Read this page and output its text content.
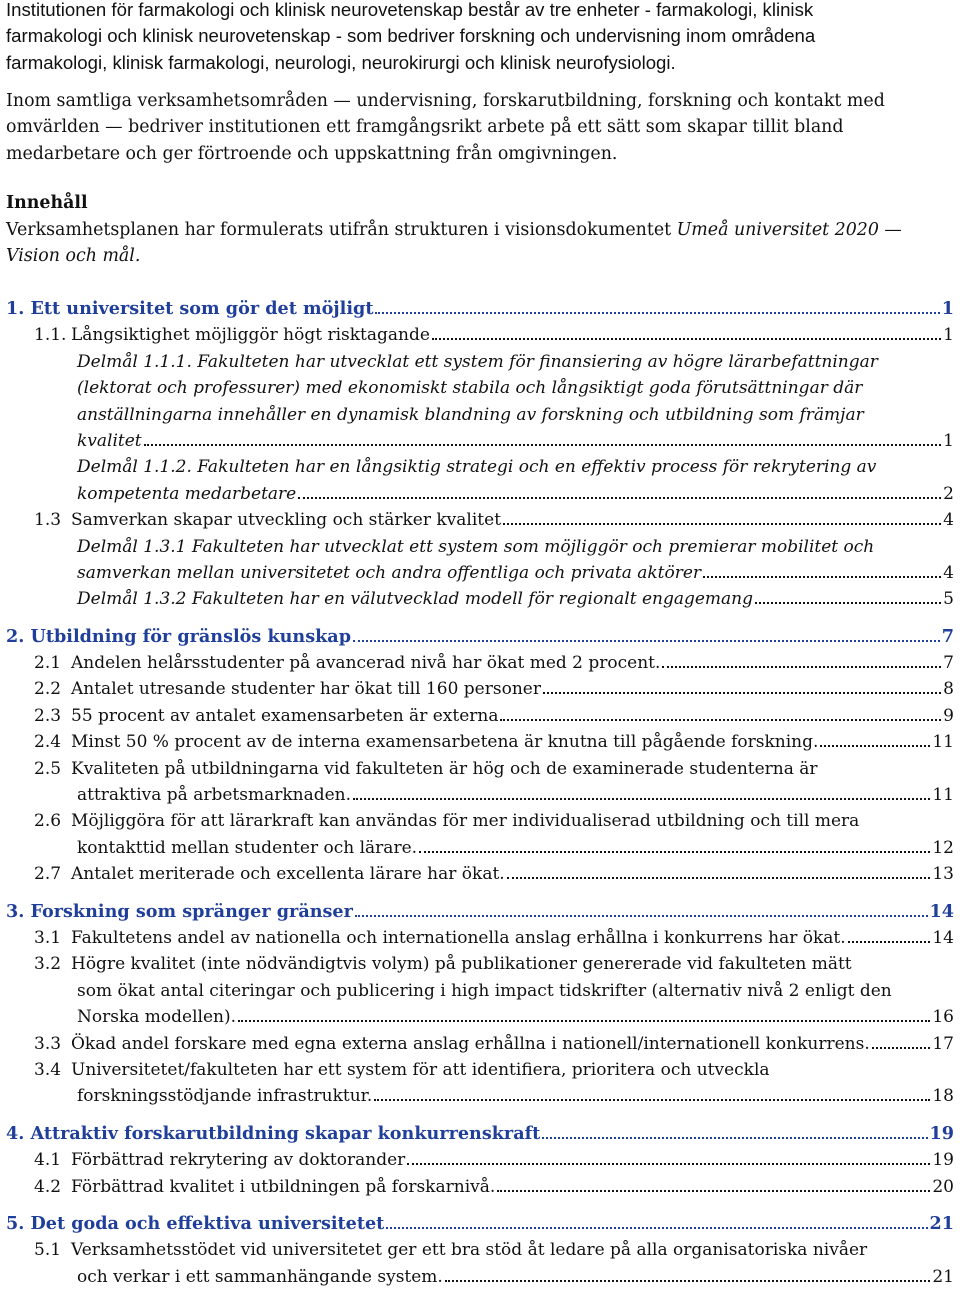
Institutionen för farmakologi och klinisk neurovetenskap består av tre enheter - farmakologi, klinisk
farmakologi och klinisk neurovetenskap - som bedriver forskning och undervisning inom områdena
farmakologi, klinisk farmakologi, neurologi, neurokirurgi och klinisk neurofysiologi.
Inom samtliga verksamhetsområden — undervisning, forskarutbildning, forskning och kontakt med
omvärlden — bedriver institutionen ett framgångsrikt arbete på ett sätt som skapar tillit bland
medarbetare och ger förtroende och uppskattning från omgivningen.
Innehåll
Verksamhetsplanen har formulerats utifrån strukturen i visionsdokumentet Umeå universitet 2020 —
Vision och mål.
1. Ett universitet som gör det möjligt	1
1.1. Långsiktighet möjliggör högt risktagande	1
Delmål 1.1.1. Fakulteten har utvecklat ett system för finansiering av högre lärarbefattningar
(lektorat och professurer) med ekonomiskt stabila och långsiktigt goda förutsättningar där
anställningarna innehåller en dynamisk blandning av forskning och utbildning som främjar
kvalitet	1
Delmål 1.1.2. Fakulteten har en långsiktig strategi och en effektiv process för rekrytering av
kompetenta medarbetare	2
1.3 Samverkan skapar utveckling och stärker kvalitet	4
Delmål 1.3.1 Fakulteten har utvecklat ett system som möjliggör och premierar mobilitet och
samverkan mellan universitetet och andra offentliga och privata aktörer	4
Delmål 1.3.2 Fakulteten har en välutvecklad modell för regionalt engagemang	5
2. Utbildning för gränslös kunskap	7
2.1 Andelen helårsstudenter på avancerad nivå har ökat med 2 procent.	7
2.2 Antalet utresande studenter har ökat till 160 personer	8
2.3 55 procent av antalet examensarbeten är externa	9
2.4 Minst 50 % procent av de interna examensarbetena är knutna till pågående forskning.	11
2.5 Kvaliteten på utbildningarna vid fakulteten är hög och de examinerade studenterna är
attraktiva på arbetsmarknaden.	11
2.6 Möjliggöra för att lärarkraft kan användas för mer individualiserad utbildning och till mera
kontakttid mellan studenter och lärare.	12
2.7 Antalet meriterade och excellenta lärare har ökat.	13
3. Forskning som spränger gränser	14
3.1 Fakultetens andel av nationella och internationella anslag erhållna i konkurrens har ökat.	14
3.2 Högre kvalitet (inte nödvändigtvis volym) på publikationer genererade vid fakulteten mätt
som ökat antal citeringar och publicering i high impact tidskrifter (alternativ nivå 2 enligt den
Norska modellen).	16
3.3 Ökad andel forskare med egna externa anslag erhållna i nationell/internationell konkurrens.	17
3.4 Universitetet/fakulteten har ett system för att identifiera, prioritera och utveckla
forskningsstödjande infrastruktur.	18
4. Attraktiv forskarutbildning skapar konkurrenskraft	19
4.1 Förbättrad rekrytering av doktorander	19
4.2 Förbättrad kvalitet i utbildningen på forskarnivå.	20
5. Det goda och effektiva universitetet	21
5.1 Verksamhetsstödet vid universitetet ger ett bra stöd åt ledare på alla organisatoriska nivåer
och verkar i ett sammanhängande system.	21
